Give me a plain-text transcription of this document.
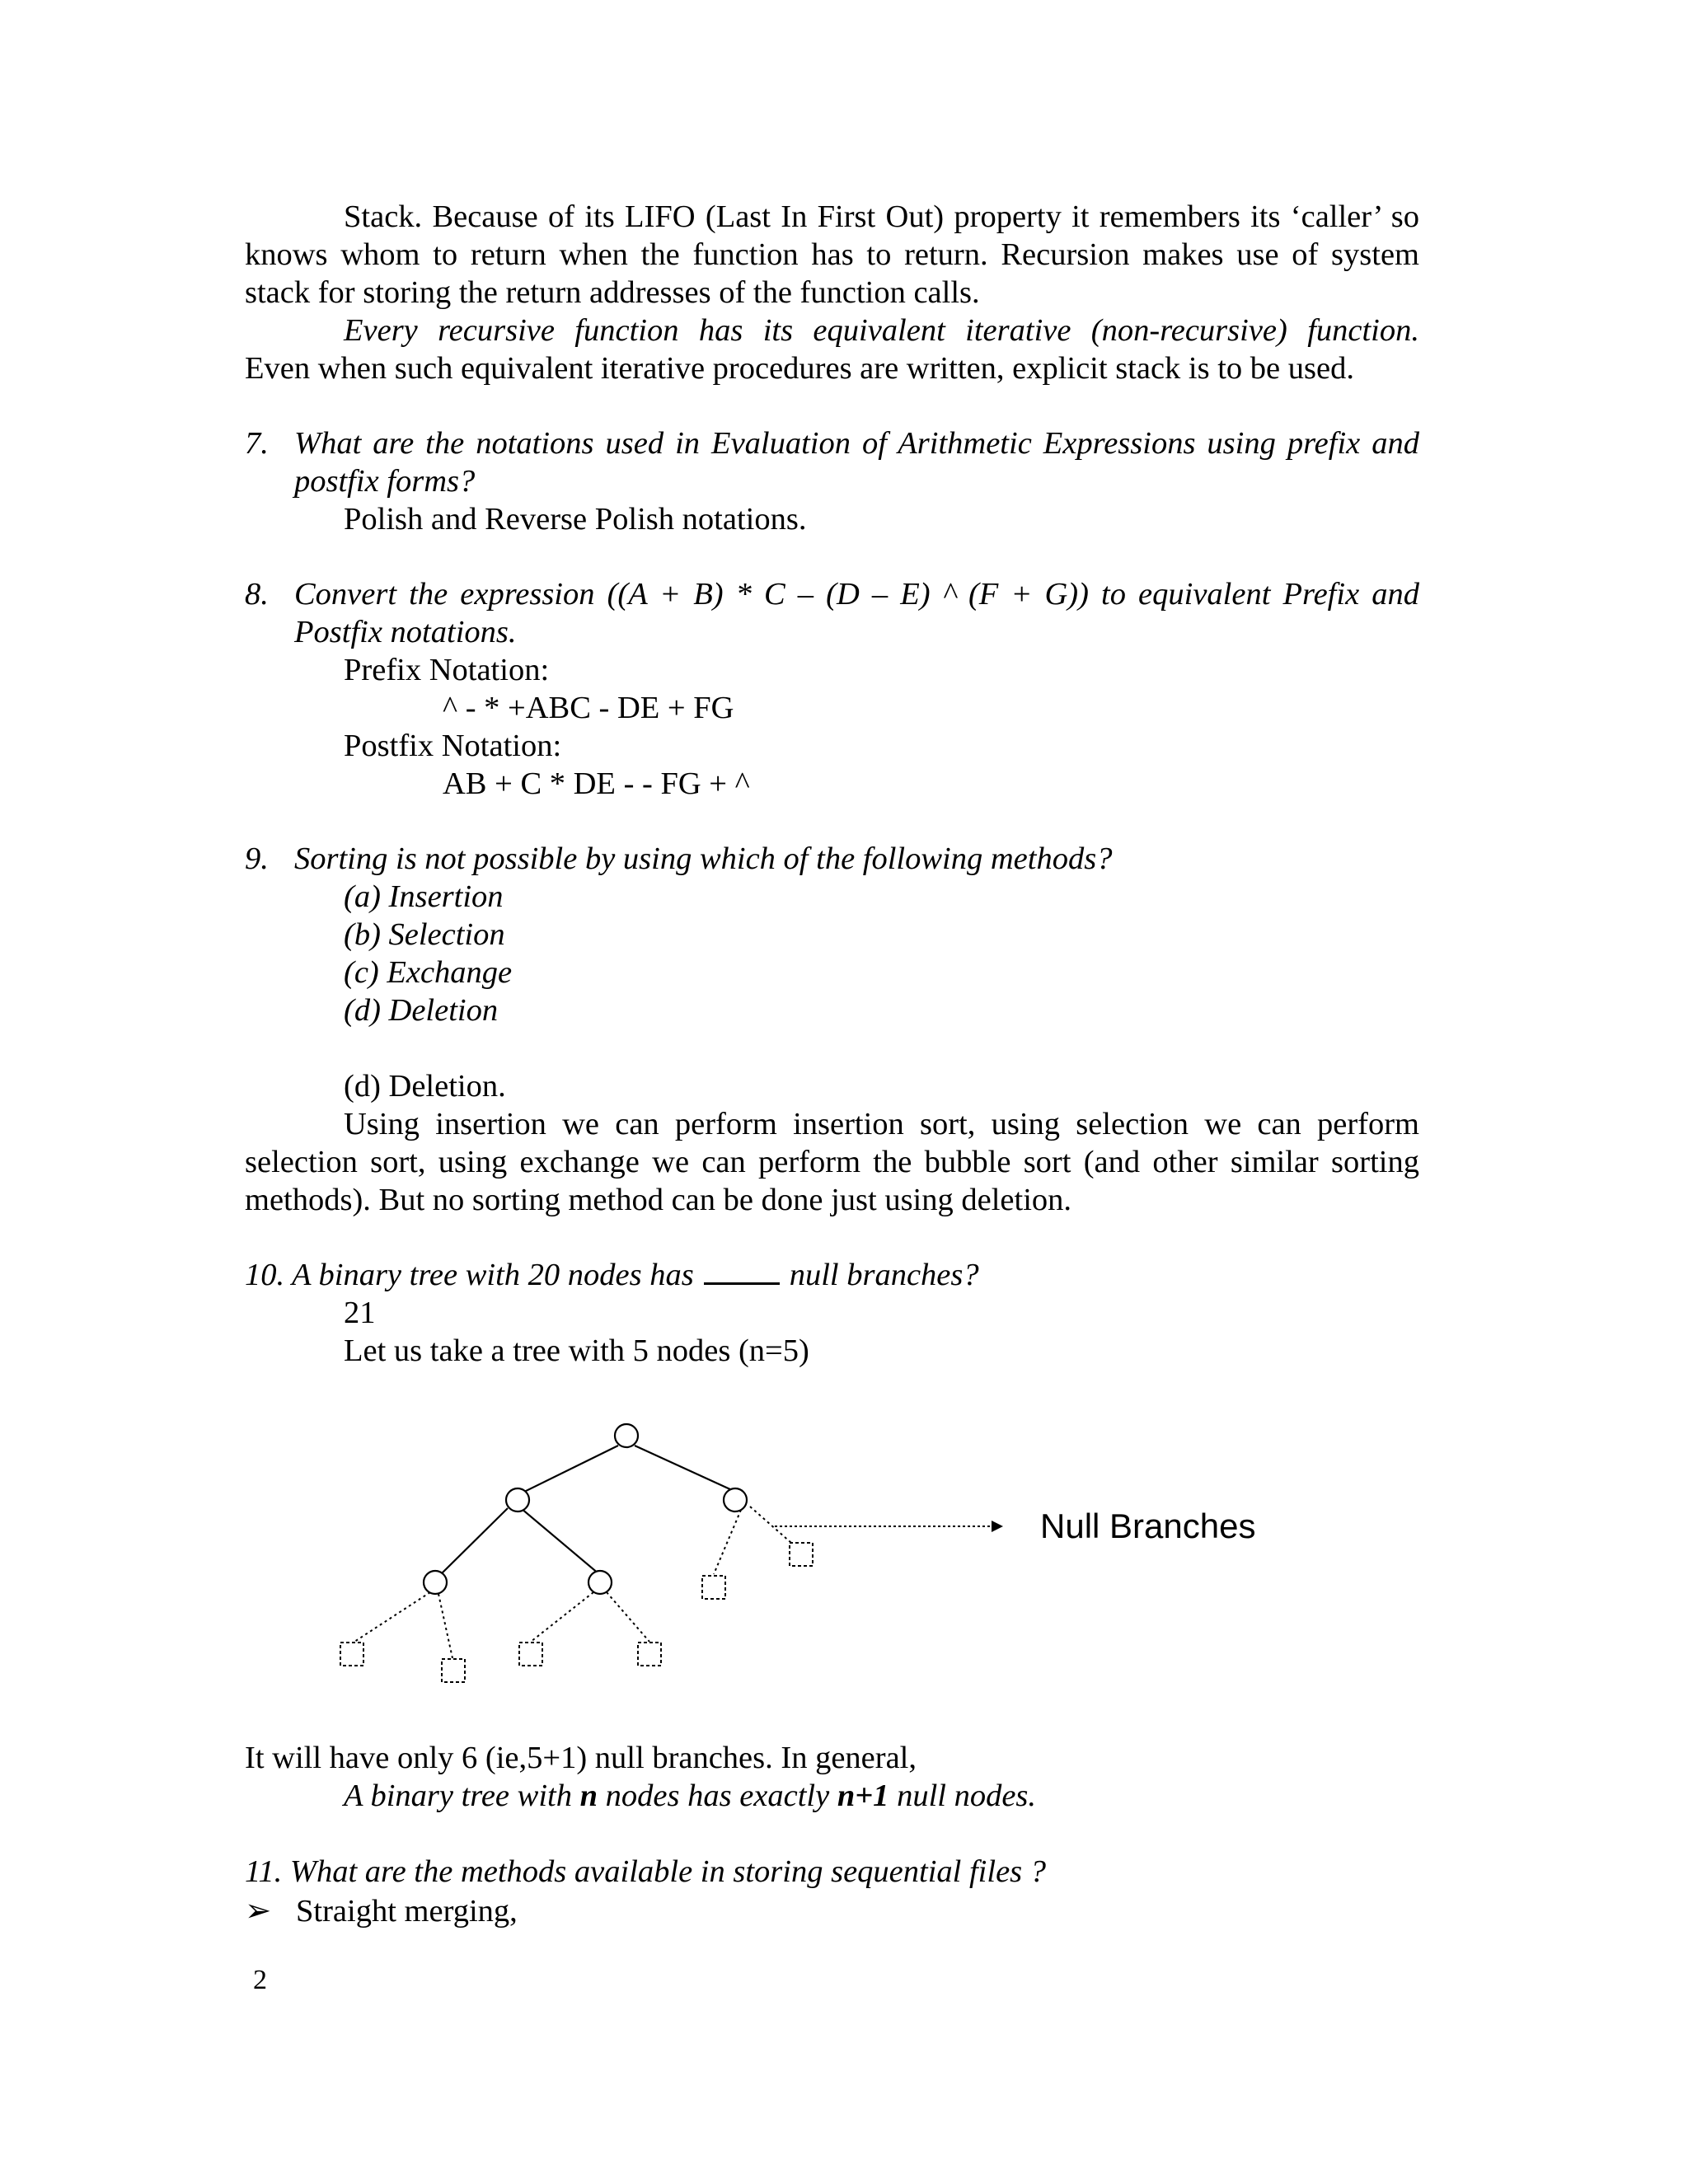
Stack. Because of its LIFO (Last In First Out) property it remembers its ‘caller’ so
knows whom to return when the function has to return. Recursion makes use of system
stack for storing the return addresses of the function calls.
Every recursive function has its equivalent iterative (non-recursive) function.
Even when such equivalent iterative procedures are written, explicit stack is to be used.
7. What are the notations used in Evaluation of Arithmetic Expressions using prefix and
postfix forms?
Polish and Reverse Polish notations.
8. Convert the expression ((A + B) * C – (D – E) ^ (F + G)) to equivalent Prefix and
Postfix notations.
Prefix Notation:
^ - * +ABC - DE + FG
Postfix Notation:
AB + C * DE - - FG + ^
9. Sorting is not possible by using which of the following methods?
(a) Insertion
(b) Selection
(c) Exchange
(d) Deletion
(d) Deletion.
Using insertion we can perform insertion sort, using selection we can perform
selection sort, using exchange we can perform the bubble sort (and other similar sorting
methods). But no sorting method can be done just using deletion.
10. A binary tree with 20 nodes has	null branches?
21
Let us take a tree with 5 nodes (n=5)
Null Branches
It will have only 6 (ie,5+1) null branches. In general,
A binary tree with n nodes has exactly n+1 null nodes.
11. What are the methods available in storing sequential files ?
➢ Straight merging,
2
